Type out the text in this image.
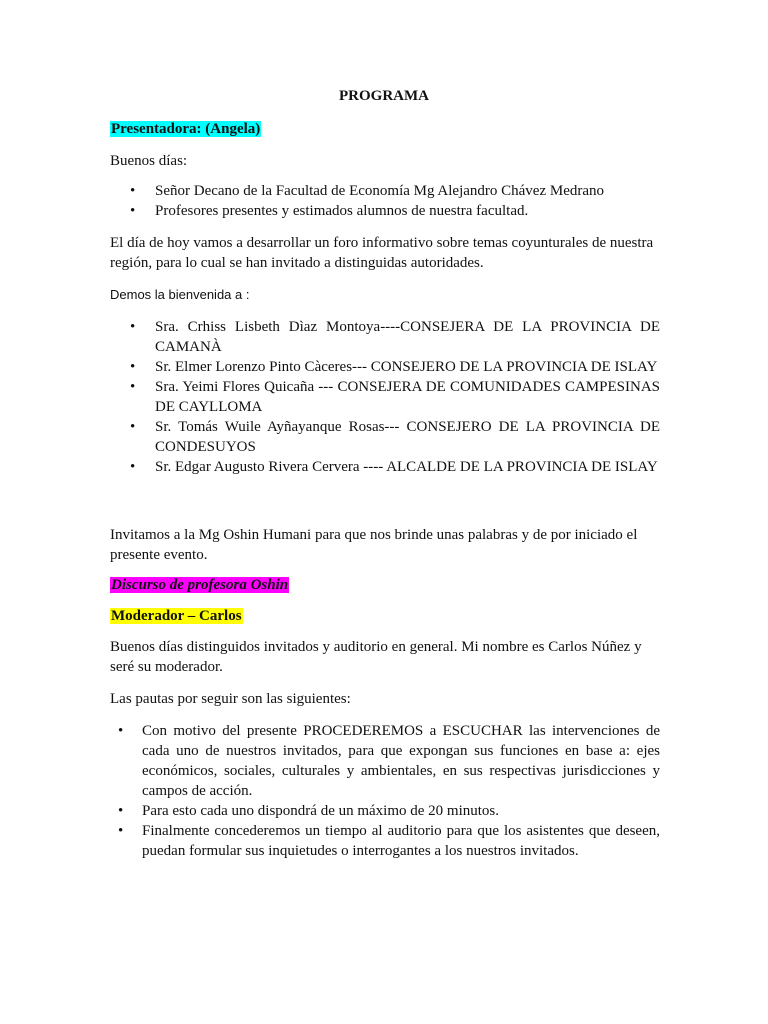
PROGRAMA
Presentadora: (Angela)
Buenos días:
• Señor Decano de la Facultad de Economía Mg Alejandro Chávez Medrano
• Profesores presentes y estimados alumnos de nuestra facultad.
El día de hoy vamos a desarrollar un foro informativo sobre temas coyunturales de nuestra región, para lo cual se han invitado a distinguidas autoridades.
Demos la bienvenida a :
• Sra. Crhiss Lisbeth Dìaz Montoya----CONSEJERA DE LA PROVINCIA DE CAMANÀ
• Sr. Elmer Lorenzo Pinto Càceres--- CONSEJERO DE LA PROVINCIA DE ISLAY
• Sra. Yeimi Flores Quicaña --- CONSEJERA DE COMUNIDADES CAMPESINAS DE CAYLLOMA
• Sr. Tomás Wuile Ayñayanque Rosas--- CONSEJERO DE LA PROVINCIA DE CONDESUYOS
• Sr. Edgar Augusto Rivera Cervera ---- ALCALDE DE LA PROVINCIA DE ISLAY
Invitamos a la Mg Oshin Humani para que nos brinde unas palabras y de por iniciado el presente evento.
Discurso de profesora Oshin
Moderador – Carlos
Buenos días distinguidos invitados y auditorio en general. Mi nombre es Carlos Núñez y seré su moderador.
Las pautas por seguir son las siguientes:
• Con motivo del presente PROCEDEREMOS a ESCUCHAR las intervenciones de cada uno de nuestros invitados, para que expongan sus funciones en base a: ejes económicos, sociales, culturales y ambientales, en sus respectivas jurisdicciones y campos de acción.
• Para esto cada uno dispondrá de un máximo de 20 minutos.
• Finalmente concederemos un tiempo al auditorio para que los asistentes que deseen, puedan formular sus inquietudes o interrogantes a los nuestros invitados.
